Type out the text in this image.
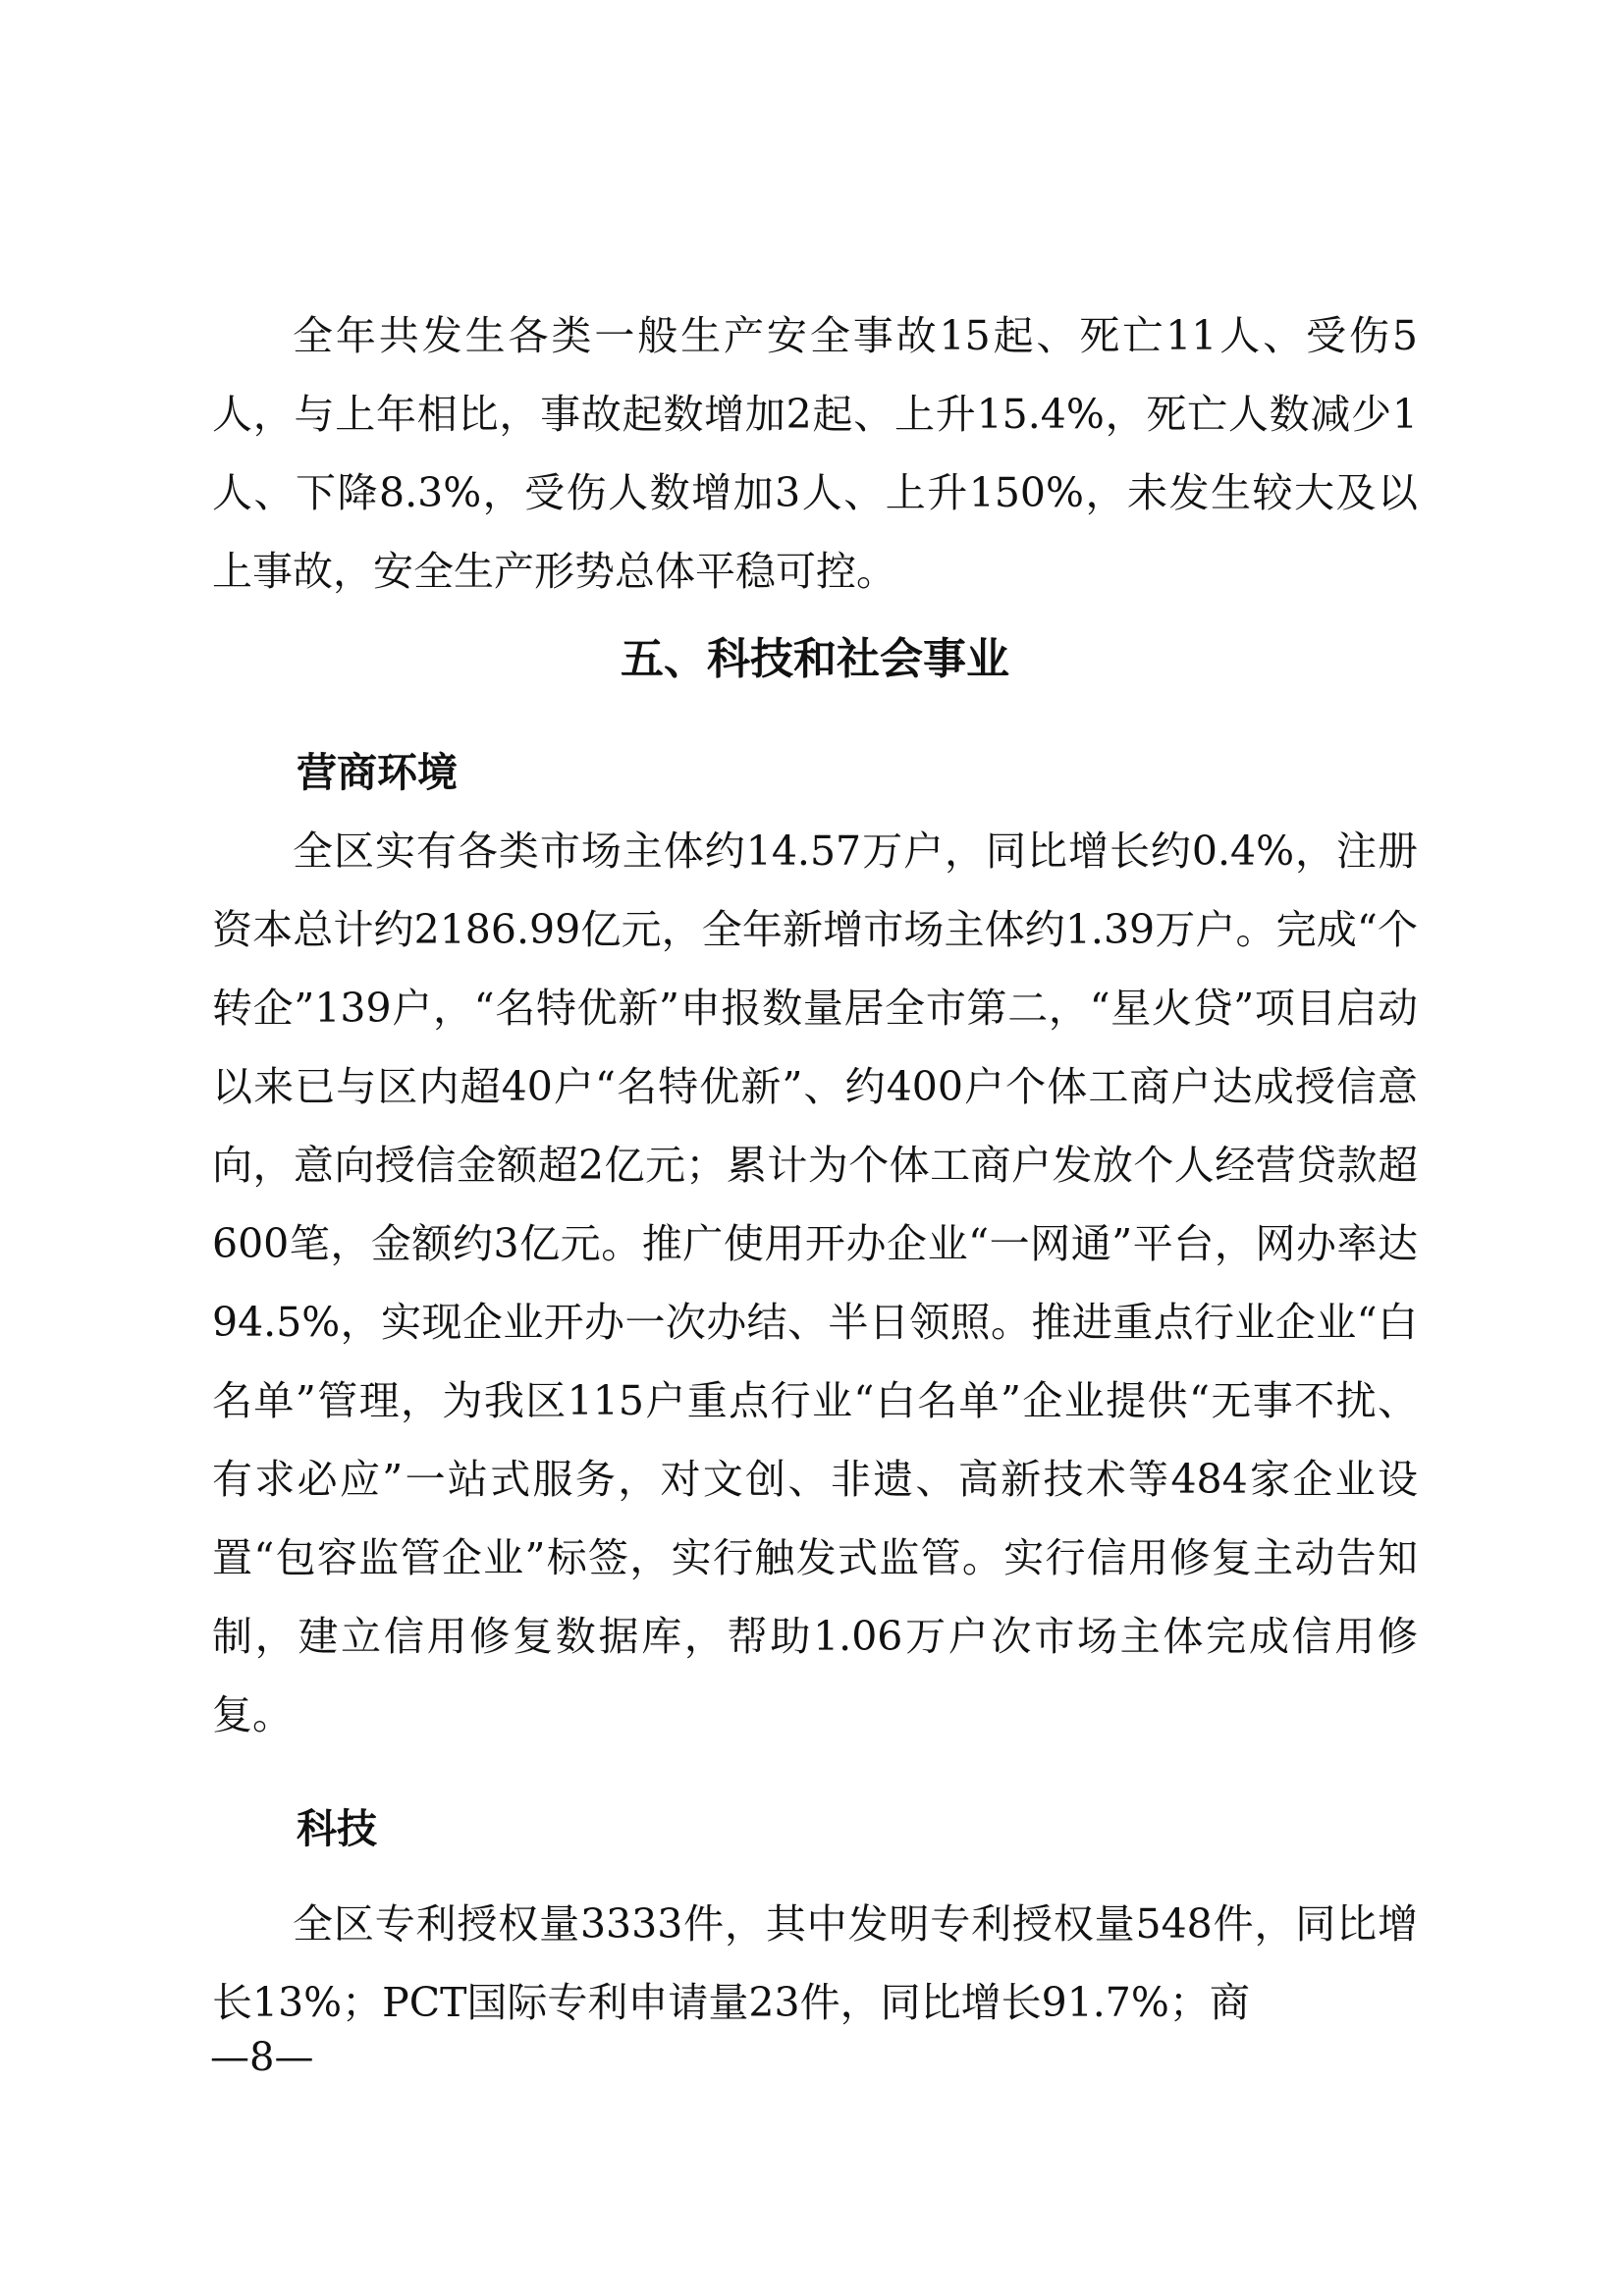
全年共发生各类一般生产安全事故15起、死亡11人、受伤5人，与上年相比，事故起数增加2起、上升15.4%，死亡人数减少1人、下降8.3%，受伤人数增加3人、上升150%，未发生较大及以上事故，安全生产形势总体平稳可控。

五、科技和社会事业
营商环境

全区实有各类市场主体约14.57万户，同比增长约0.4%，注册资本总计约2186.99亿元，全年新增市场主体约1.39万户。完成“个转企”139户，“名特优新”申报数量居全市第二，“星火贷”项目启动以来已与区内超40户“名特优新”、约400户个体工商户达成授信意向，意向授信金额超2亿元；累计为个体工商户发放个人经营贷款超600笔，金额约3亿元。推广使用开办企业“一网通”平台，网办率达94.5%，实现企业开办一次办结、半日领照。推进重点行业企业“白名单”管理，为我区115户重点行业“白名单”企业提供“无事不扰、有求必应”一站式服务，对文创、非遗、高新技术等484家企业设置“包容监管企业”标签，实行触发式监管。实行信用修复主动告知制，建立信用修复数据库，帮助1.06万户次市场主体完成信用修复。

科技

全区专利授权量3333件，其中发明专利授权量548件，同比增长13%；PCT国际专利申请量23件，同比增长91.7%；商

—8—
